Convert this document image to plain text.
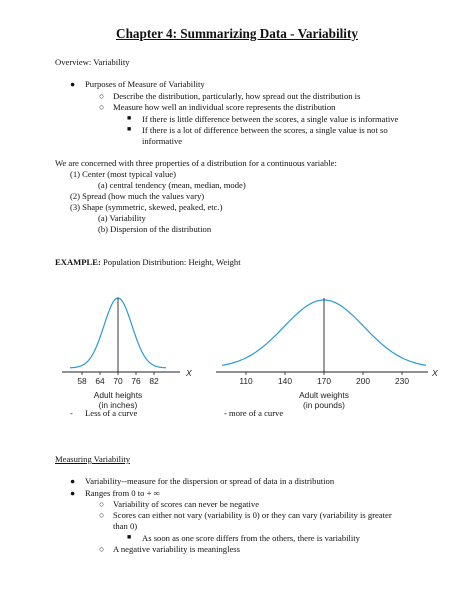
Chapter 4: Summarizing Data - Variability
Overview: Variability
● Purposes of Measure of Variability
○ Describe the distribution, particularly, how spread out the distribution is
○ Measure how well an individual score represents the distribution
■ If there is little difference between the scores, a single value is informative
■ If there is a lot of difference between the scores, a single value is not so
informative
We are concerned with three properties of a distribution for a continuous variable:
(1) Center (most typical value)
(a) central tendency (mean, median, mode)
(2) Spread (how much the values vary)
(3) Shape (symmetric, skewed, peaked, etc.)
(a) Variability
(b) Dispersion of the distribution
EXAMPLE: Population Distribution: Height, Weight
58 64 70 76 82
X
Adult heights
(in inches)
110	140	170	200	230
X
Adult weights
(in pounds)
- Less of a curve	- more of a curve
Measuring Variability
● Variability--measure for the dispersion or spread of data in a distribution
● Ranges from 0 to + ∞
○ Variability of scores can never be negative
○ Scores can either not vary (variability is 0) or they can vary (variability is greater
than 0)
■ As soon as one score differs from the others, there is variability
○ A negative variability is meaningless
